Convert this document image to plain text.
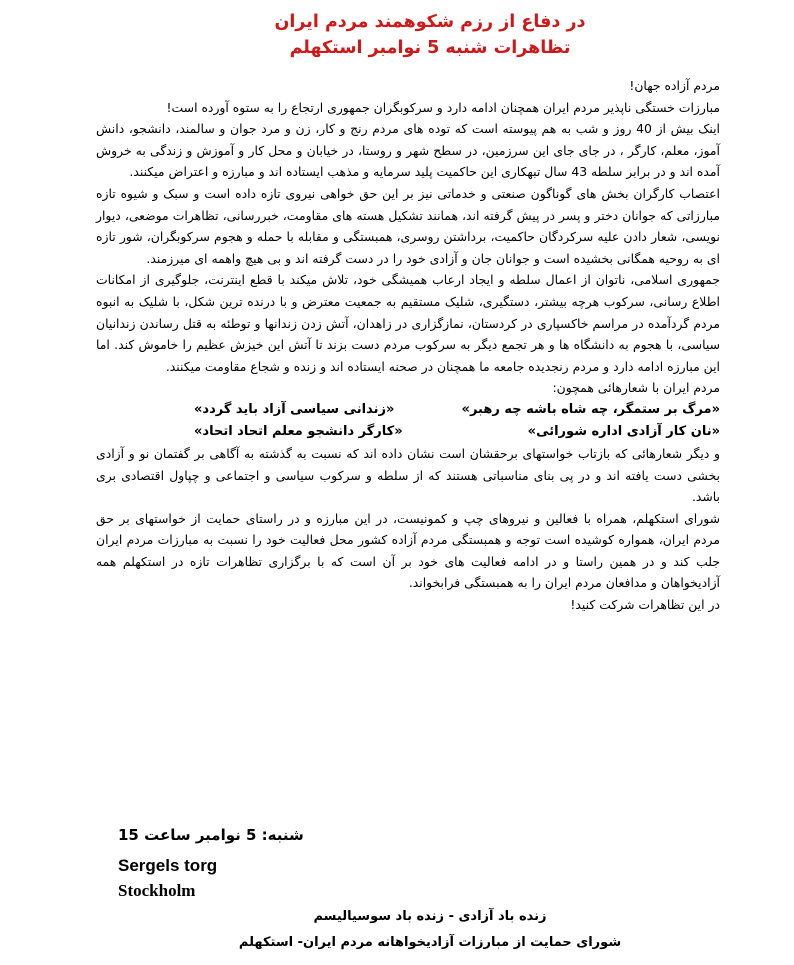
در دفاع از رزم شکوهمند مردم ایران
تظاهرات شنبه 5 نوامبر استکهلم

مردم آزاده جهان!

مبارزات خستگی ناپذیر مردم ایران همچنان ادامه دارد و سرکوبگران جمهوری ارتجاع را به ستوه آورده است!

اینک بیش از 40 روز و شب به هم پیوسته است که توده های مردم رنج و کار، زن و مرد جوان و سالمند، دانشجو، دانش آموز، معلم، کارگر ، در جای جای این سرزمین، در سطح شهر و روستا، در خیابان و محل کار و آموزش و زندگی به خروش آمده اند و در برابر سلطه 43 سال تبهکاری این حاکمیت پلید سرمایه و مذهب ایستاده اند و مبارزه و اعتراض میکنند.

اعتصاب کارگران بخش های گوناگون صنعتی و خدماتی نیز بر این حق خواهی نیروی تازه داده است و سبک و شیوه تازه مبارزاتی که جوانان دختر و پسر در پیش گرفته اند، همانند تشکیل هسته های مقاومت، خبررسانی، تظاهرات موضعی، دیوار نویسی، شعار دادن علیه سرکردگان حاکمیت، برداشتن روسری، همبستگی و مقابله با حمله و هجوم سرکوبگران، شور تازه ای به روحیه همگانی بخشیده است و جوانان جان و آزادی خود را در دست گرفته اند و بی هیچ واهمه ای میرزمند.

جمهوری اسلامی، ناتوان از اعمال سلطه و ایجاد ارعاب همیشگی خود، تلاش میکند با قطع اینترنت، جلوگیری از امکانات اطلاع رسانی، سرکوب هرچه بیشتر، دستگیری، شلیک مستقیم به جمعیت معترض و با درنده ترین شکل، با شلیک به انبوه مردم گردآمده در مراسم خاکسپاری در کردستان، نمازگزاری در زاهدان، آتش زدن زندانها و توطئه به قتل رساندن زندانیان سیاسی، با هجوم به دانشگاه ها و هر تجمع دیگر به سرکوب مردم دست بزند تا آتش این خیزش عظیم را خاموش کند. اما این مبارزه ادامه دارد و مردم رنجدیده جامعه ما همچنان در صحنه ایستاده اند و زنده و شجاع مقاومت میکنند.

مردم ایران با شعارهائی همچون:

«مرگ بر ستمگر، چه شاه باشه چه رهبر»
«زندانی سیاسی آزاد باید گردد»
«نان کار آزادی اداره شورائی»
«کارگر دانشجو معلم اتحاد اتحاد»

و دیگر شعارهائی که بازتاب خواستهای برحقشان است نشان داده اند که نسبت به گذشته به آگاهی بر گفتمان نو و آزادی بخشی دست یافته اند و در پی بنای مناسباتی هستند که از سلطه و سرکوب سیاسی و اجتماعی و چپاول اقتصادی بری باشد.

شورای استکهلم، همراه با فعالین و نیروهای چپ و کمونیست، در این مبارزه و در راستای حمایت از خواستهای بر حق مردم ایران، همواره کوشیده است توجه و همبستگی مردم آزاده کشور محل فعالیت خود را نسبت به مبارزات مردم ایران جلب کند و در همین راستا و در ادامه فعالیت های خود بر آن است که با برگزاری تظاهرات تازه در استکهلم همه آزادیخواهان و مدافعان مردم ایران را به همبستگی فرابخواند.

در این تظاهرات شرکت کنید!

شنبه: 5 نوامبر ساعت 15
Sergels torg
Stockholm
زنده باد آزادی - زنده باد سوسیالیسم
شورای حمایت از مبارزات آزادیخواهانه مردم ایران- استکهلم
